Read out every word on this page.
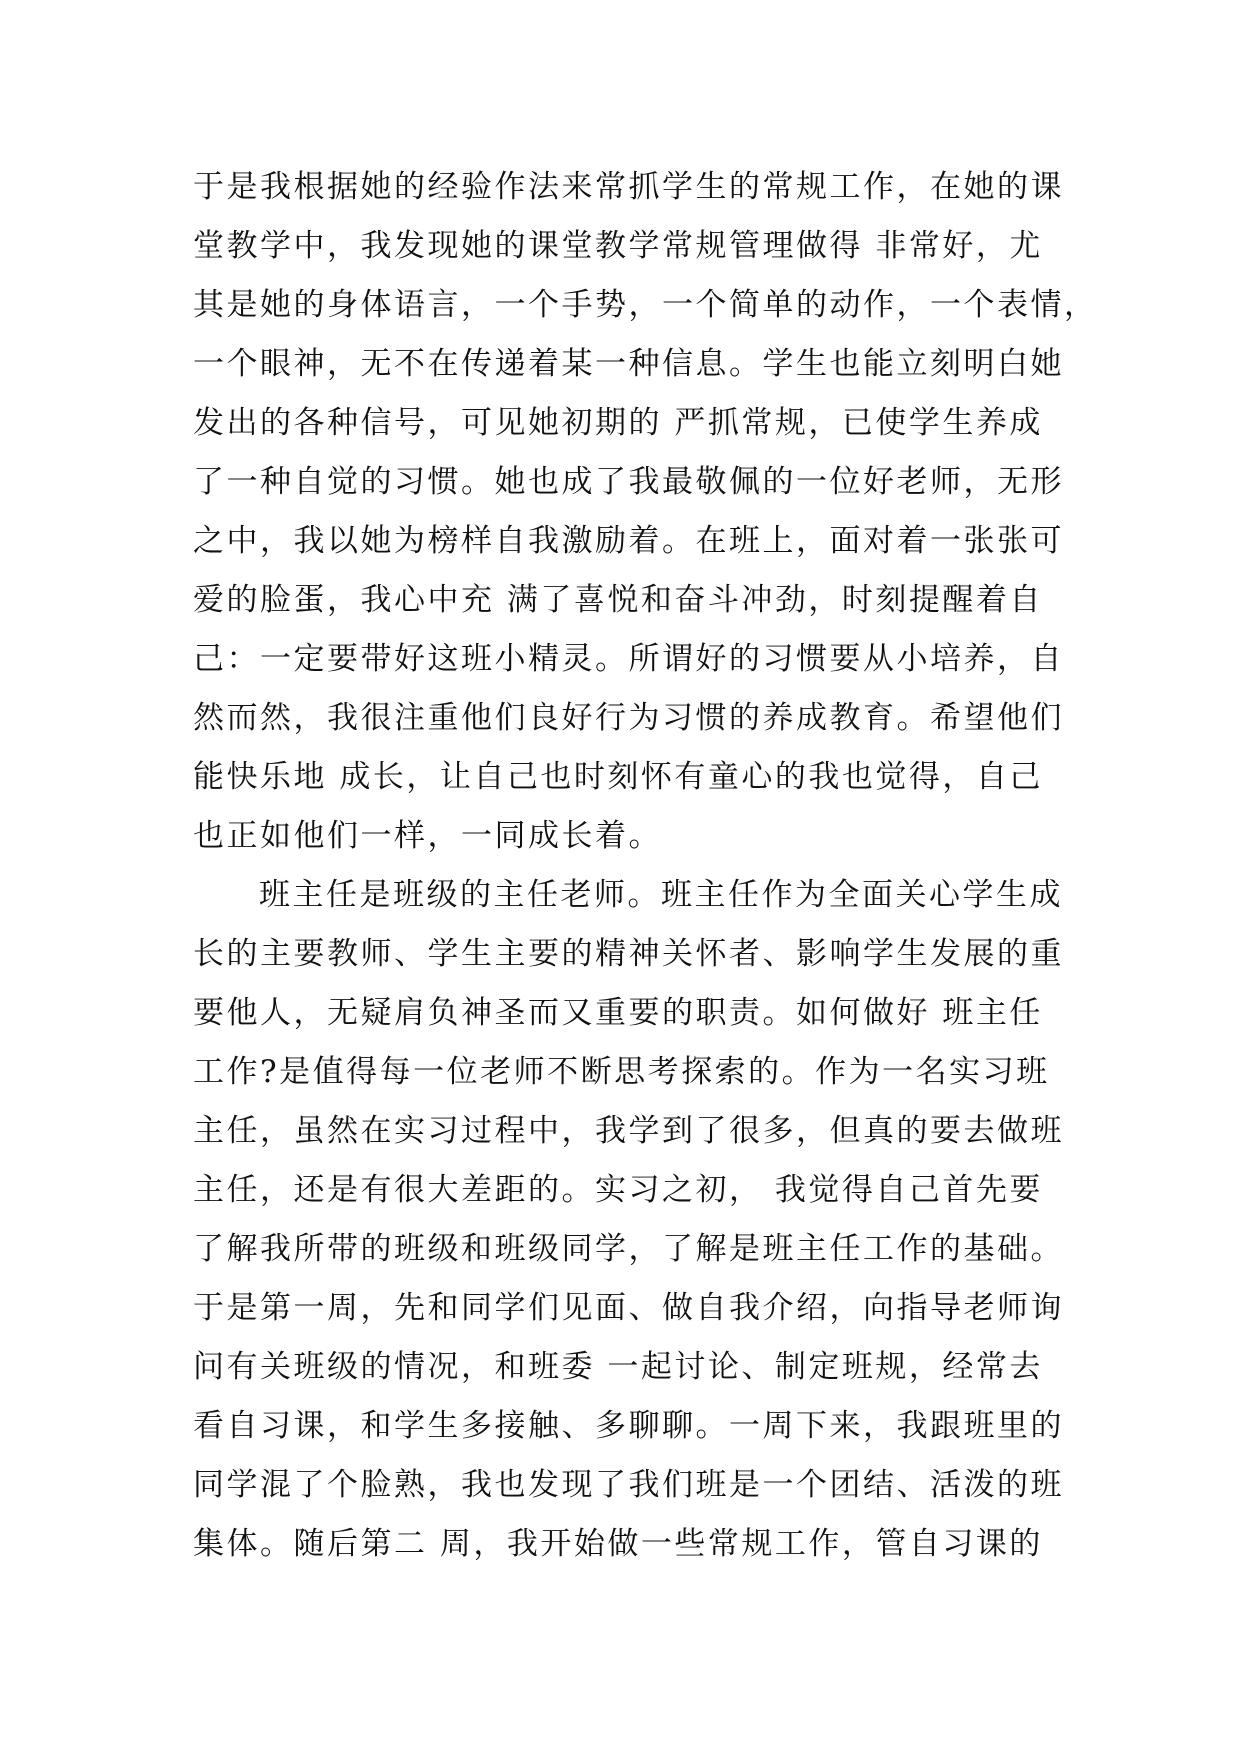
于是我根据她的经验作法来常抓学生的常规工作，在她的课
堂教学中，我发现她的课堂教学常规管理做得 非常好，尤
其是她的身体语言，一个手势，一个简单的动作，一个表情，
一个眼神，无不在传递着某一种信息。学生也能立刻明白她
发出的各种信号，可见她初期的 严抓常规，已使学生养成
了一种自觉的习惯。她也成了我最敬佩的一位好老师，无形
之中，我以她为榜样自我激励着。在班上，面对着一张张可
爱的脸蛋，我心中充 满了喜悦和奋斗冲劲，时刻提醒着自
己：一定要带好这班小精灵。所谓好的习惯要从小培养，自
然而然，我很注重他们良好行为习惯的养成教育。希望他们
能快乐地 成长，让自己也时刻怀有童心的我也觉得，自己
也正如他们一样，一同成长着。
班主任是班级的主任老师。班主任作为全面关心学生成
长的主要教师、学生主要的精神关怀者、影响学生发展的重
要他人，无疑肩负神圣而又重要的职责。如何做好 班主任
工作?是值得每一位老师不断思考探索的。作为一名实习班
主任，虽然在实习过程中，我学到了很多，但真的要去做班
主任，还是有很大差距的。实习之初， 我觉得自己首先要
了解我所带的班级和班级同学，了解是班主任工作的基础。
于是第一周，先和同学们见面、做自我介绍，向指导老师询
问有关班级的情况，和班委 一起讨论、制定班规，经常去
看自习课，和学生多接触、多聊聊。一周下来，我跟班里的
同学混了个脸熟，我也发现了我们班是一个团结、活泼的班
集体。随后第二 周，我开始做一些常规工作，管自习课的
